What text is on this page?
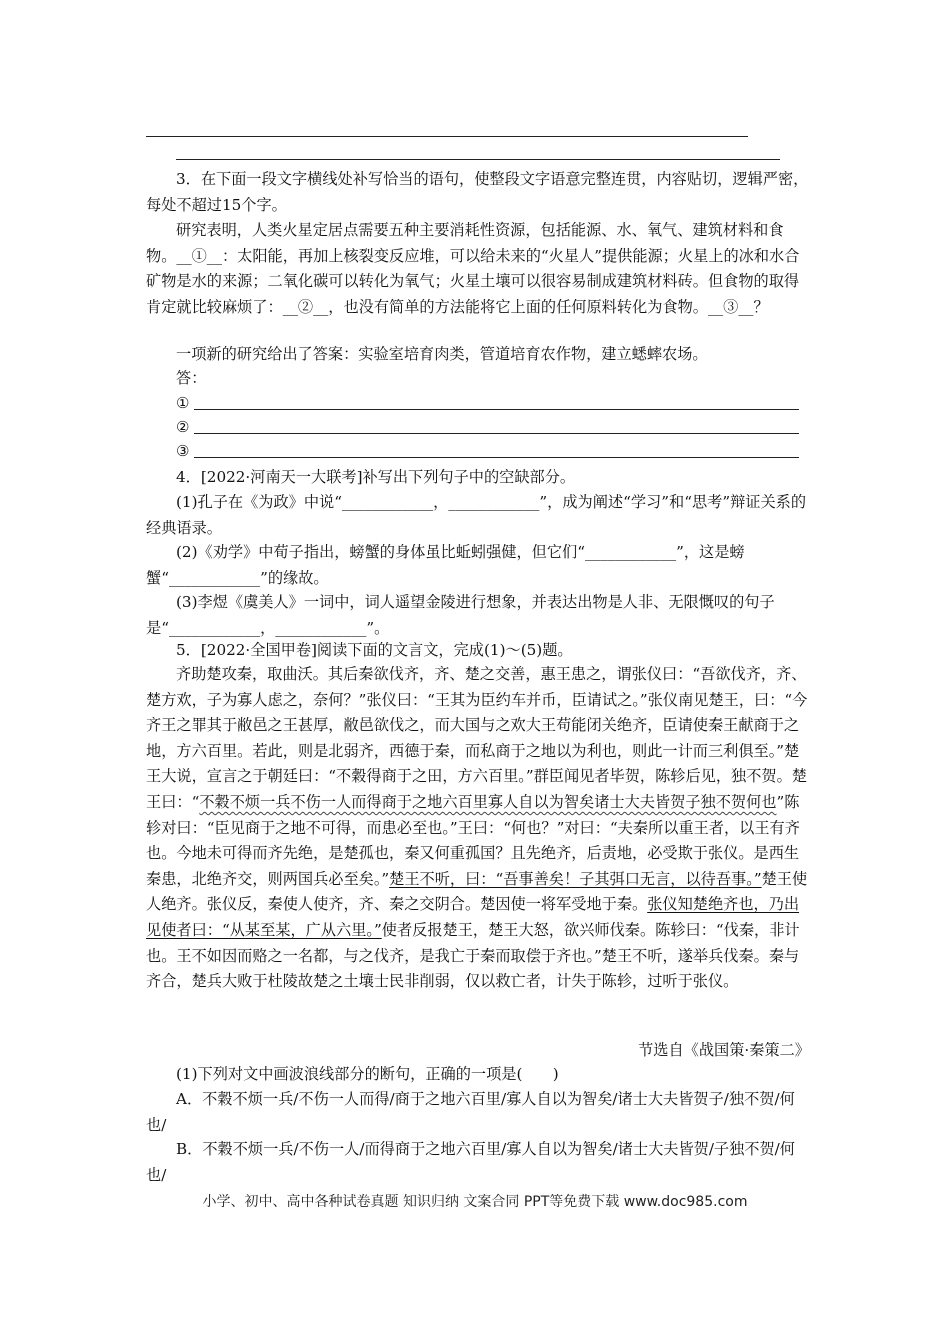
3．在下面一段文字横线处补写恰当的语句，使整段文字语意完整连贯，内容贴切，逻辑严密，每处不超过15个字。

研究表明，人类火星定居点需要五种主要消耗性资源，包括能源、水、氧气、建筑材料和食物。__①__：太阳能，再加上核裂变反应堆，可以给未来的“火星人”提供能源；火星上的冰和水合矿物是水的来源；二氧化碳可以转化为氧气；火星土壤可以很容易制成建筑材料砖。但食物的取得肯定就比较麻烦了：__②__，也没有简单的方法能将它上面的任何原料转化为食物。__③__？

一项新的研究给出了答案：实验室培育肉类，管道培育农作物，建立蟋蟀农场。

答：

①
②
③

4．[2022·河南天一大联考]补写出下列句子中的空缺部分。

(1)孔子在《为政》中说“____________，____________”，成为阐述“学习”和“思考”辩证关系的经典语录。

(2)《劝学》中荀子指出，螃蟹的身体虽比蚯蚓强健，但它们“____________”，这是螃蟹“____________”的缘故。

(3)李煜《虞美人》一词中，词人遥望金陵进行想象，并表达出物是人非、无限慨叹的句子是“____________，____________”。

5．[2022·全国甲卷]阅读下面的文言文，完成(1)～(5)题。

齐助楚攻秦，取曲沃。其后秦欲伐齐，齐、楚之交善，惠王患之，谓张仪曰：“吾欲伐齐，齐、楚方欢，子为寡人虑之，奈何？”张仪曰：“王其为臣约车并币，臣请试之。”张仪南见楚王，曰：“今齐王之罪其于敝邑之王甚厚，敝邑欲伐之，而大国与之欢大王苟能闭关绝齐，臣请使秦王献商于之地，方六百里。若此，则是北弱齐，西德于秦，而私商于之地以为利也，则此一计而三利俱至。”楚王大说，宣言之于朝廷曰：“不穀得商于之田，方六百里。”群臣闻见者毕贺，陈轸后见，独不贺。楚王曰：“不穀不烦一兵不伤一人而得商于之地六百里寡人自以为智矣诸士大夫皆贺子独不贺何也”陈轸对曰：“臣见商于之地不可得，而患必至也。”王曰：“何也？”对曰：“夫秦所以重王者，以王有齐也。今地未可得而齐先绝，是楚孤也，秦又何重孤国？且先绝齐，后责地，必受欺于张仪。是西生秦患，北绝齐交，则两国兵必至矣。”楚王不听，曰：“吾事善矣！子其弭口无言，以待吾事。”楚王使人绝齐。张仪反，秦使人使齐，齐、秦之交阴合。楚因使一将军受地于秦。张仪知楚绝齐也，乃出见使者曰：“从某至某，广从六里。”使者反报楚王，楚王大怒，欲兴师伐秦。陈轸曰：“伐秦，非计也。王不如因而赂之一名都，与之伐齐，是我亡于秦而取偿于齐也。”楚王不听，遂举兵伐秦。秦与齐合，楚兵大败于杜陵故楚之土壤士民非削弱，仅以救亡者，计失于陈轸，过听于张仪。

节选自《战国策·秦策二》

(1)下列对文中画波浪线部分的断句，正确的一项是(　　)

A．不穀不烦一兵/不伤一人而得/商于之地六百里/寡人自以为智矣/诸士大夫皆贺子/独不贺/何也/

B．不穀不烦一兵/不伤一人/而得商于之地六百里/寡人自以为智矣/诸士大夫皆贺/子独不贺/何也/

小学、初中、高中各种试卷真题 知识归纳 文案合同 PPT等免费下载 www.doc985.com
